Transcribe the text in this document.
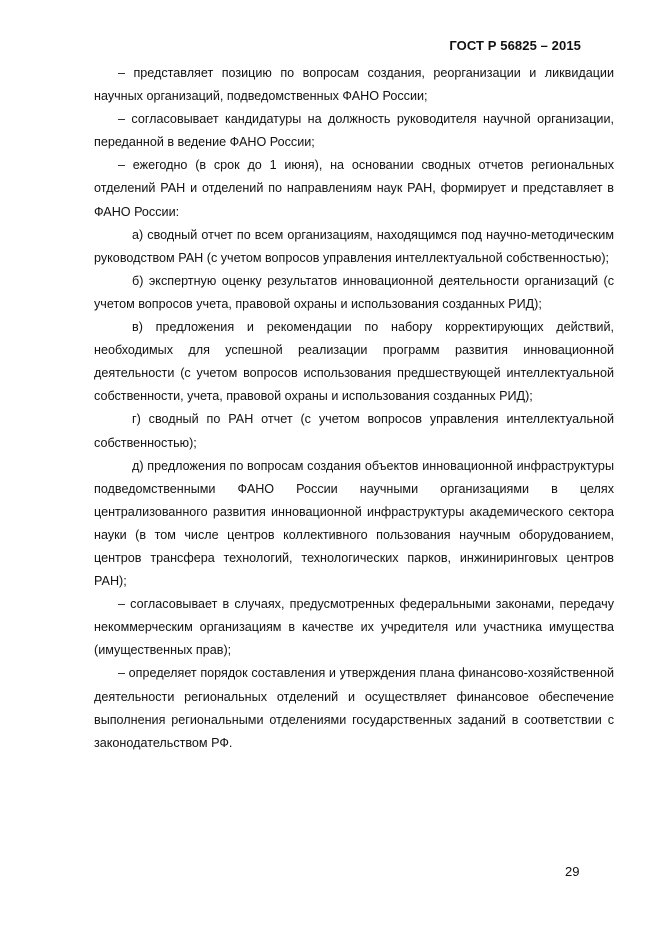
ГОСТ Р 56825 – 2015

– представляет позицию по вопросам создания, реорганизации и ликвидации научных организаций, подведомственных ФАНО России;

– согласовывает кандидатуры на должность руководителя научной организации, переданной в ведение ФАНО России;

– ежегодно (в срок до 1 июня), на основании сводных отчетов региональных отделений РАН и отделений по направлениям наук РАН, формирует и представляет в ФАНО России:

а) сводный отчет по всем организациям, находящимся под научно-методическим руководством РАН (с учетом вопросов управления интеллектуальной собственностью);

б) экспертную оценку результатов инновационной деятельности организаций (с учетом вопросов учета, правовой охраны и использования созданных РИД);

в) предложения и рекомендации по набору корректирующих действий, необходимых для успешной реализации программ развития инновационной деятельности (с учетом вопросов использования предшествующей интеллектуальной собственности, учета, правовой охраны и использования созданных РИД);

г) сводный по РАН отчет (с учетом вопросов управления интеллектуальной собственностью);

д) предложения по вопросам создания объектов инновационной инфраструктуры подведомственными ФАНО России научными организациями в целях централизованного развития инновационной инфраструктуры академического сектора науки (в том числе центров коллективного пользования научным оборудованием, центров трансфера технологий, технологических парков, инжиниринговых центров РАН);

– согласовывает в случаях, предусмотренных федеральными законами, передачу некоммерческим организациям в качестве их учредителя или участника имущества (имущественных прав);

– определяет порядок составления и утверждения плана финансово-хозяйственной деятельности региональных отделений и осуществляет финансовое обеспечение выполнения региональными отделениями государственных заданий в соответствии с законодательством РФ.

29
